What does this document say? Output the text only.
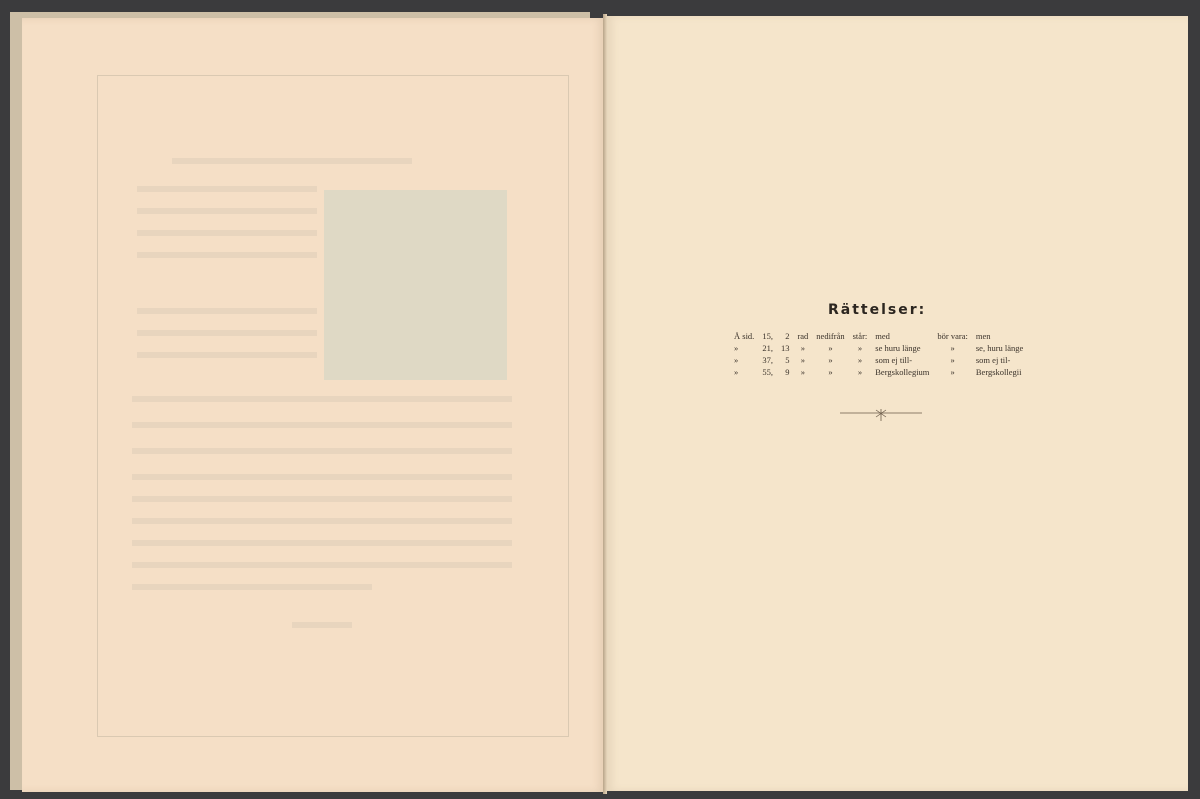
Rättelser:
Å sid.	15,	2	rad	nedifrån	står:	med	bör vara:	men
»	21,	13	»	»	»	se huru länge	»	se, huru länge
»	37,	5	»	»	»	som ej till-	»	som ej til-
»	55,	9	»	»	»	Bergskollegium	»	Bergskollegii
